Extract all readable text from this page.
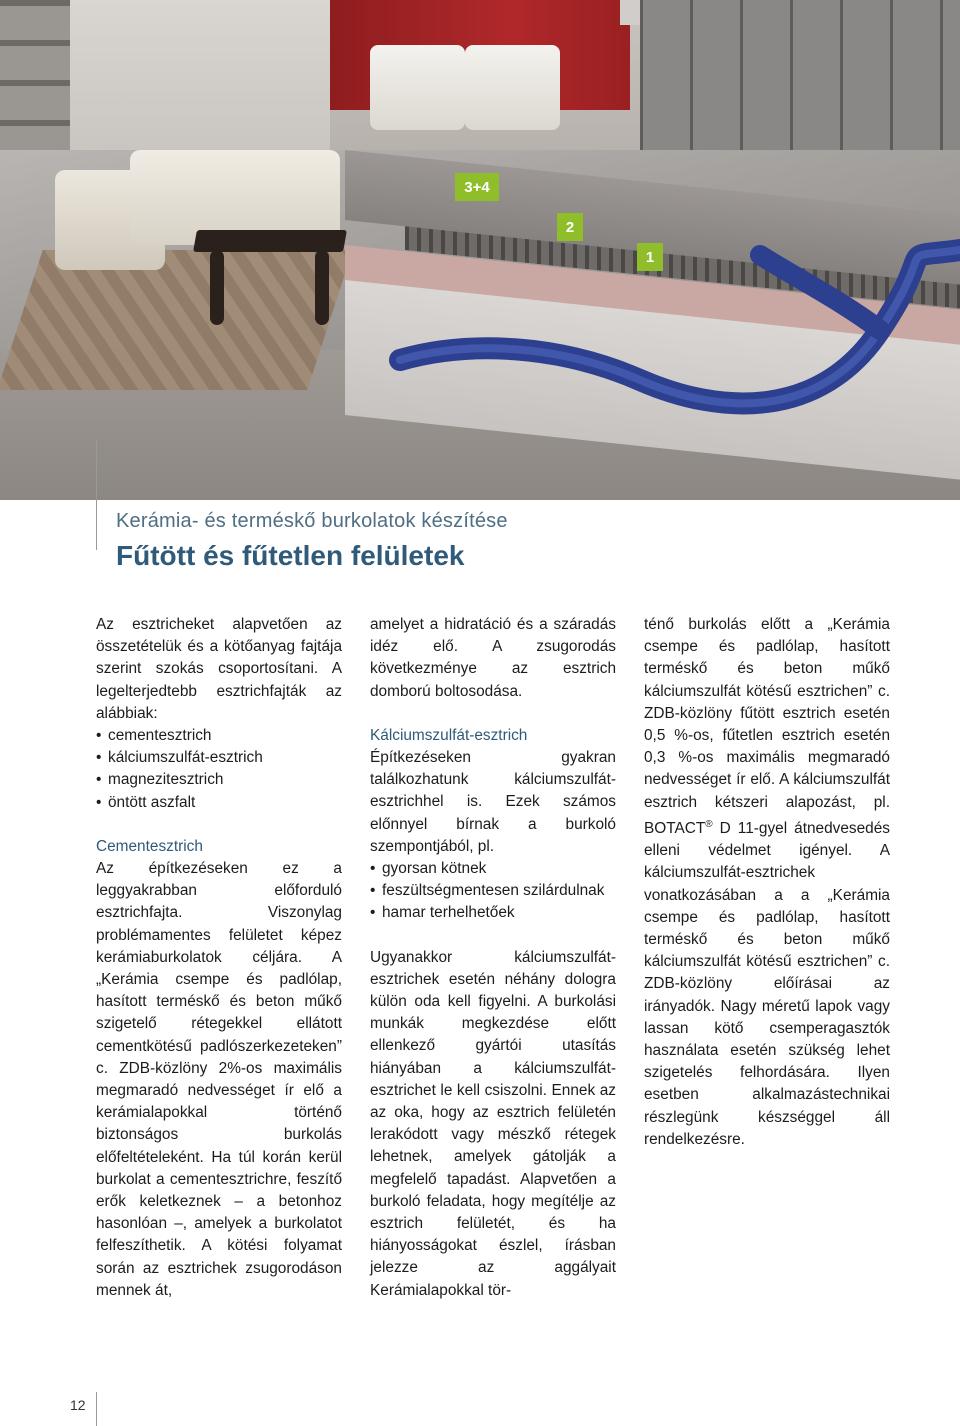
3+4
2
1
Kerámia- és terméskő burkolatok készítése
Fűtött és fűtetlen felületek

Az esztricheket alapvetően az összetételük és a kötőanyag fajtája szerint szokás csoportosítani. A legelterjedtebb esztrichfajták az alábbiak:

• cementesztrich
• kálciumszulfát-esztrich
• magnezitesztrich
• öntött aszfalt
Cementesztrich

Az építkezéseken ez a leggyakrabban előforduló esztrichfajta. Viszonylag problémamentes felületet képez kerámiaburkolatok céljára. A „Kerámia csempe és padlólap, hasított terméskő és beton műkő szigetelő rétegekkel ellátott cementkötésű padlószerkezeteken” c. ZDB-közlöny 2%-os maximális megmaradó nedvességet ír elő a kerámialapokkal történő biztonságos burkolás előfeltételeként. Ha túl korán kerül burkolat a cementesztrichre, feszítő erők keletkeznek – a betonhoz hasonlóan –, amelyek a burkolatot felfeszíthetik. A kötési folyamat során az esztrichek zsugorodáson mennek át,

amelyet a hidratáció és a száradás idéz elő. A zsugorodás következménye az esztrich domború boltosodása.

Kálciumszulfát-esztrich

Építkezéseken gyakran találkozhatunk kálciumszulfát-esztrichhel is. Ezek számos előnnyel bírnak a burkoló szempontjából, pl.

• gyorsan kötnek
• feszültségmentesen szilárdulnak
• hamar terhelhetőek

Ugyanakkor kálciumszulfát-esztrichek esetén néhány dologra külön oda kell figyelni. A burkolási munkák megkezdése előtt ellenkező gyártói utasítás hiányában a kálciumszulfát-esztrichet le kell csiszolni. Ennek az az oka, hogy az esztrich felületén lerakódott vagy mészkő rétegek lehetnek, amelyek gátolják a megfelelő tapadást. Alapvetően a burkoló feladata, hogy megítélje az esztrich felületét, és ha hiányosságokat észlel, írásban jelezze az aggályait Kerámialapokkal tör-

ténő burkolás előtt a „Kerámia csempe és padlólap, hasított terméskő és beton műkő kálciumszulfát kötésű esztrichen” c. ZDB-közlöny fűtött esztrich esetén 0,5 %-os, fűtetlen esztrich esetén 0,3 %-os maximális megmaradó nedvességet ír elő. A kálciumszulfát esztrich kétszeri alapozást, pl. BOTACT® D 11-gyel átnedvesedés elleni védelmet igényel. A kálciumszulfát-esztrichek vonatkozásában a a „Kerámia csempe és padlólap, hasított terméskő és beton műkő kálciumszulfát kötésű esztrichen” c. ZDB-közlöny előírásai az irányadók. Nagy méretű lapok vagy lassan kötő csemperagasztók használata esetén szükség lehet szigetelés felhordására. Ilyen esetben alkalmazástechnikai részlegünk készséggel áll rendelkezésre.

12
